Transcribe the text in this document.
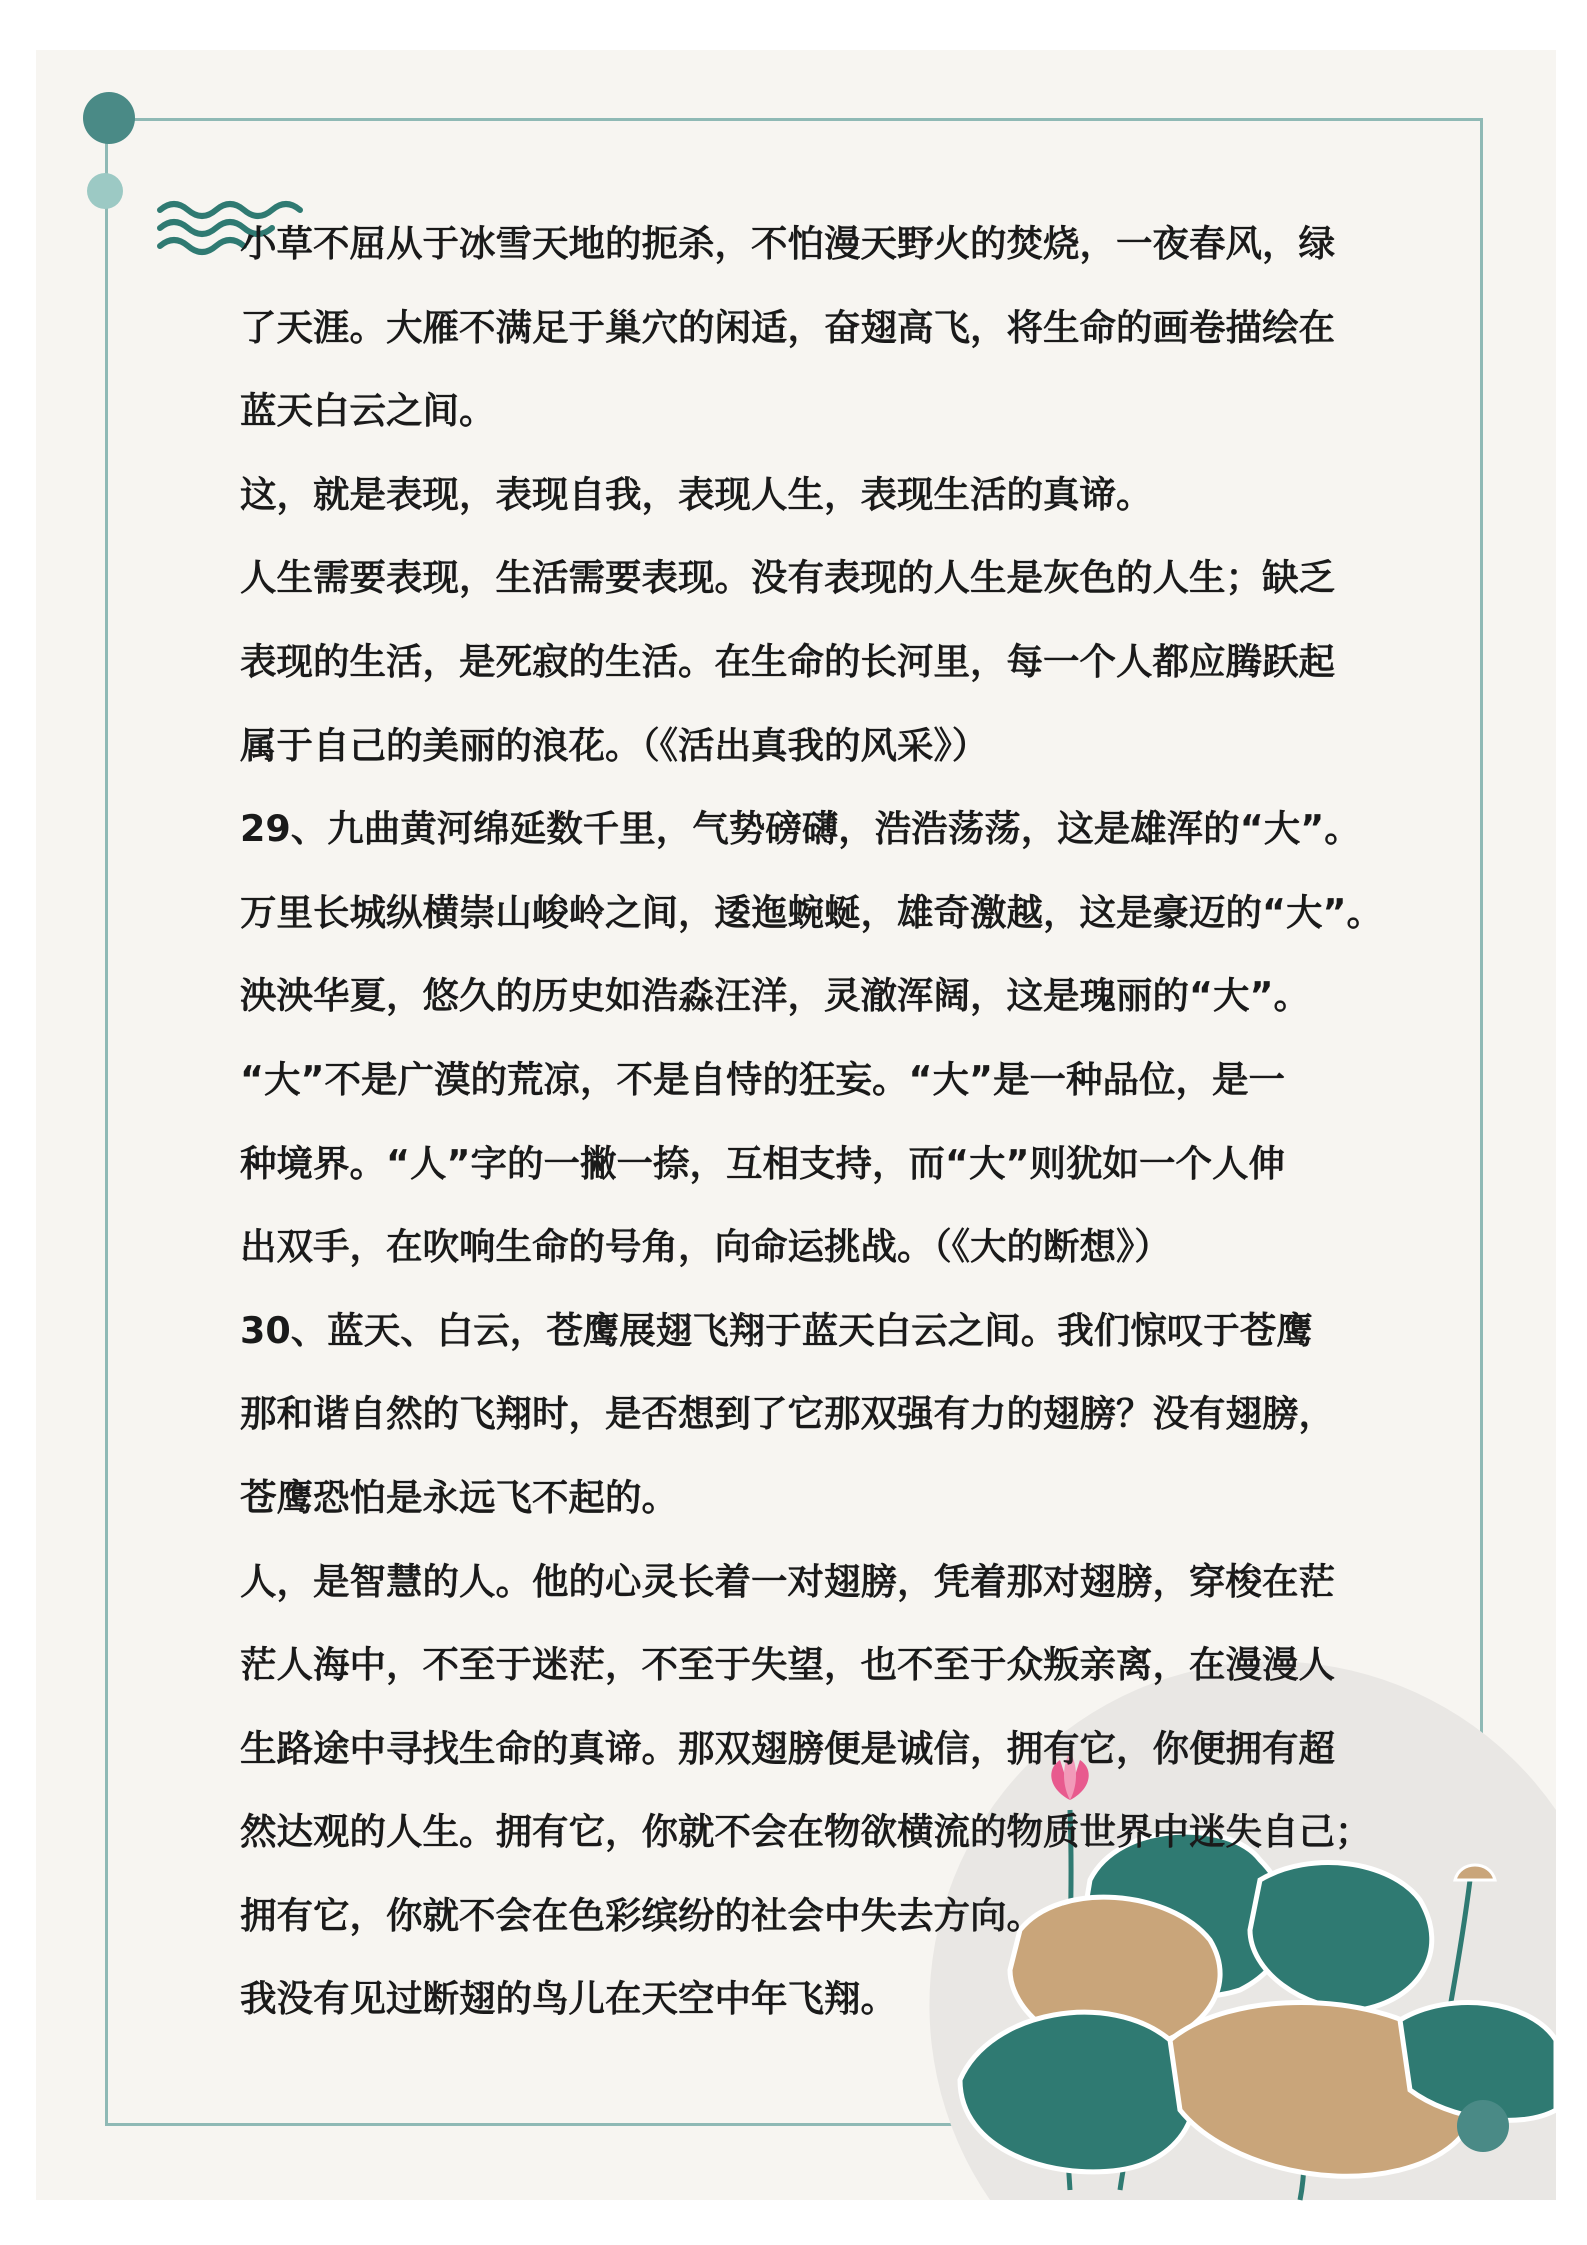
小草不屈从于冰雪天地的扼杀，不怕漫天野火的焚烧，一夜春风，绿

了天涯。大雁不满足于巢穴的闲适，奋翅高飞，将生命的画卷描绘在

蓝天白云之间。

这，就是表现，表现自我，表现人生，表现生活的真谛。

人生需要表现，生活需要表现。没有表现的人生是灰色的人生；缺乏

表现的生活，是死寂的生活。在生命的长河里，每一个人都应腾跃起

属于自己的美丽的浪花。（《活出真我的风采》）

29、九曲黄河绵延数千里，气势磅礴，浩浩荡荡，这是雄浑的“大”。

万里长城纵横崇山峻岭之间，逶迤蜿蜒，雄奇激越，这是豪迈的“大”。

泱泱华夏，悠久的历史如浩淼汪洋，灵澈浑阔，这是瑰丽的“大”。

“大”不是广漠的荒凉，不是自恃的狂妄。“大”是一种品位，是一

种境界。“人”字的一撇一捺，互相支持，而“大”则犹如一个人伸

出双手，在吹响生命的号角，向命运挑战。（《大的断想》）

30、蓝天、白云，苍鹰展翅飞翔于蓝天白云之间。我们惊叹于苍鹰

那和谐自然的飞翔时，是否想到了它那双强有力的翅膀？没有翅膀，

苍鹰恐怕是永远飞不起的。

人，是智慧的人。他的心灵长着一对翅膀，凭着那对翅膀，穿梭在茫

茫人海中，不至于迷茫，不至于失望，也不至于众叛亲离，在漫漫人

生路途中寻找生命的真谛。那双翅膀便是诚信，拥有它，你便拥有超

然达观的人生。拥有它，你就不会在物欲横流的物质世界中迷失自己；

拥有它，你就不会在色彩缤纷的社会中失去方向。

我没有见过断翅的鸟儿在天空中年飞翔。
